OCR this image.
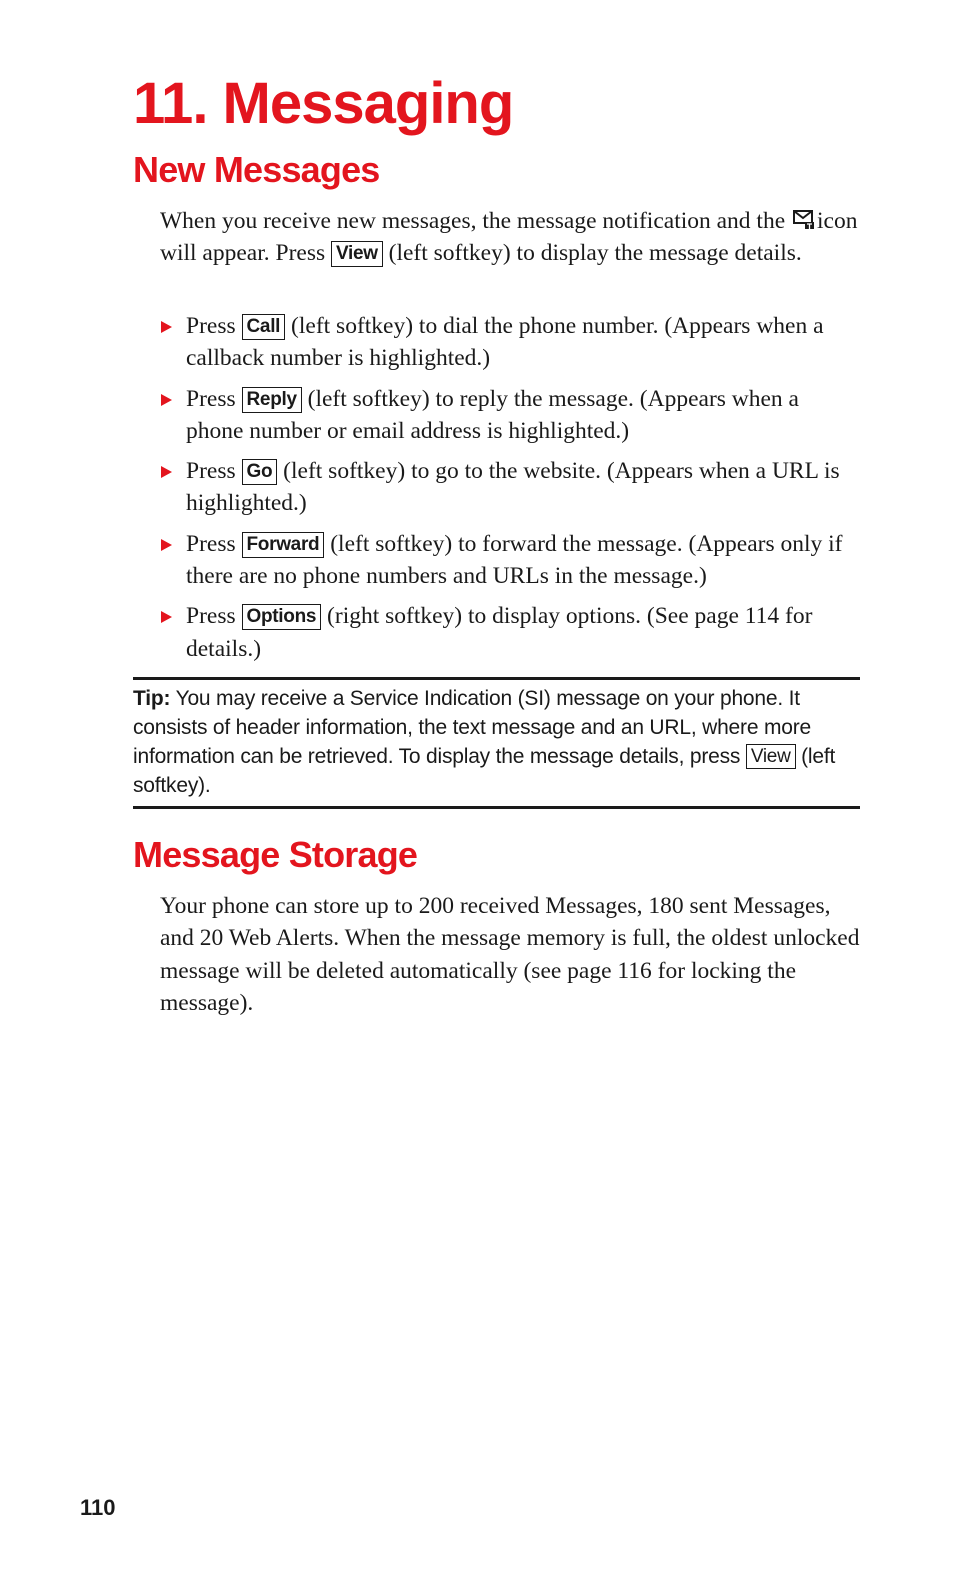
11. Messaging
New Messages

When you receive new messages, the message notification and the icon will appear. Press View (left softkey) to display the message details.

Press Call (left softkey) to dial the phone number. (Appears when a callback number is highlighted.)
Press Reply (left softkey) to reply the message. (Appears when a phone number or email address is highlighted.)
Press Go (left softkey) to go to the website. (Appears when a URL is highlighted.)
Press Forward (left softkey) to forward the message. (Appears only if there are no phone numbers and URLs in the message.)
Press Options (right softkey) to display options. (See page 114 for details.)

Tip: You may receive a Service Indication (SI) message on your phone. It consists of header information, the text message and an URL, where more information can be retrieved. To display the message details, press View (left softkey).

Message Storage

Your phone can store up to 200 received Messages, 180 sent Messages, and 20 Web Alerts. When the message memory is full, the oldest unlocked message will be deleted automatically (see page 116 for locking the message).

110
